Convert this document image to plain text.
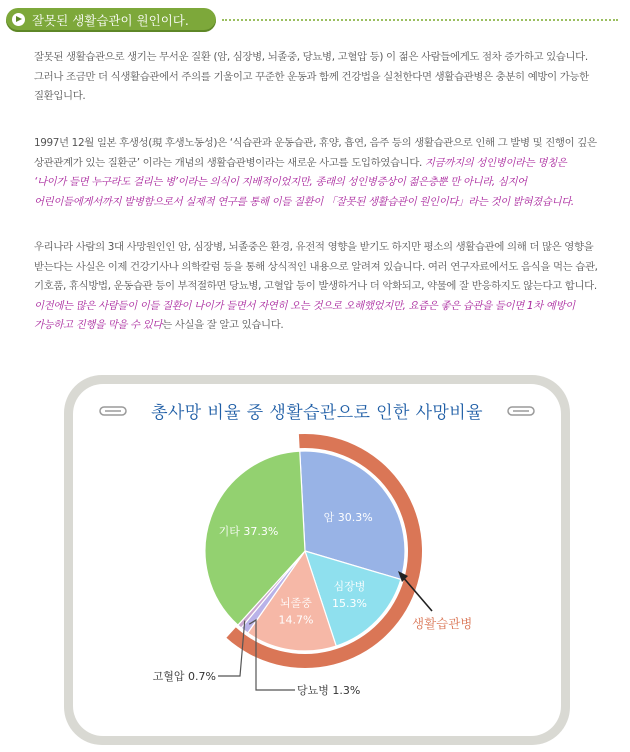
잘못된 생활습관이 원인이다.
잘못된 생활습관으로 생기는 무서운 질환 (암, 심장병, 뇌졸중, 당뇨병, 고혈압 등) 이 젊은 사람들에게도 점차 증가하고 있습니다.
그러나 조금만 더 식생활습관에서 주의를 기울이고 꾸준한 운동과 함께 건강법을 실천한다면 생활습관병은 충분히 예방이 가능한
질환입니다.
1997년 12월 일본 후생성(現 후생노동성)은 ‘식습관과 운동습관, 휴양, 흡연, 음주 등의 생활습관으로 인해 그 발병 및 진행이 깊은
상관관계가 있는 질환군’ 이라는 개념의 생활습관병이라는 새로운 사고를 도입하였습니다. 지금까지의 성인병이라는 명칭은
‘나이가 들면 누구라도 걸리는 병’이라는 의식이 지배적이었지만, 종래의 성인병증상이 젊은층뿐 만 아니라, 심지어
어린이들에게서까지 발병함으로서 실제적 연구를 통해 이들 질환이 「잘못된 생활습관이 원인이다」라는 것이 밝혀졌습니다.
우리나라 사람의 3대 사망원인인 암, 심장병, 뇌졸중은 환경, 유전적 영향을 받기도 하지만 평소의 생활습관에 의해 더 많은 영향을
받는다는 사실은 이제 건강기사나 의학칼럼 등을 통해 상식적인 내용으로 알려져 있습니다. 여러 연구자료에서도 음식을 먹는 습관,
기호품, 휴식방법, 운동습관 등이 부적절하면 당뇨병, 고혈압 등이 발생하거나 더 악화되고, 약물에 잘 반응하지도 않는다고 합니다.
이전에는 많은 사람들이 이들 질환이 나이가 들면서 자연히 오는 것으로 오해했었지만, 요즘은 좋은 습관을 들이면 1차 예방이
가능하고 진행을 막을 수 있다는 사실을 잘 알고 있습니다.
총사망 비율 중 생활습관으로 인한 사망비율
암 30.3%
심장병
15.3%
뇌졸중
14.7%
기타 37.3%
당뇨병 1.3%
고혈압 0.7%
생활습관병
